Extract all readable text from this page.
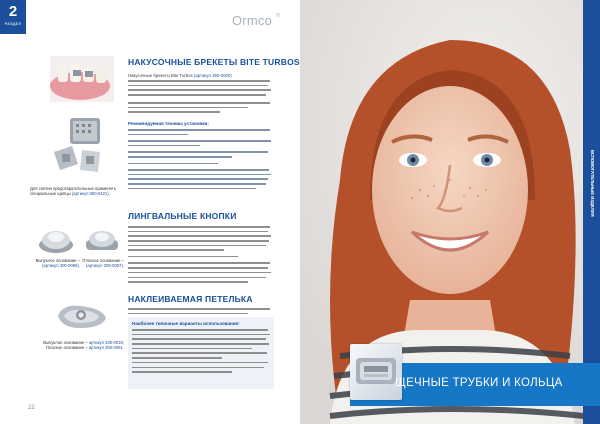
2
РАЗДЕЛ	Ormco ®
Для снятия предотвратительные применять специальные щипцы (артикул 900-0421).
НАКУСОЧНЫЕ БРЕКЕТЫ BITE TURBOS
Накусочные брекеты Bite Turbos (артикул 350-0000)
Рекомендуемая техника установки:
ЛИНГВАЛЬНЫЕ КНОПКИ
Выпуклое основание –
(артикул 300-0096).
Плоское основание –
(артикул 300-0097).
НАКЛЕИВАЕМАЯ ПЕТЕЛЬКА
Наиболее типичные варианты использования:
Выпуклое основание – артикул 330-0018;
Плоское основание – артикул 300-0091.
22
ВСПОМОГАТЕЛЬНЫЕ ИЗДЕЛИЯ
ЩЕЧНЫЕ ТРУБКИ И КОЛЬЦА
